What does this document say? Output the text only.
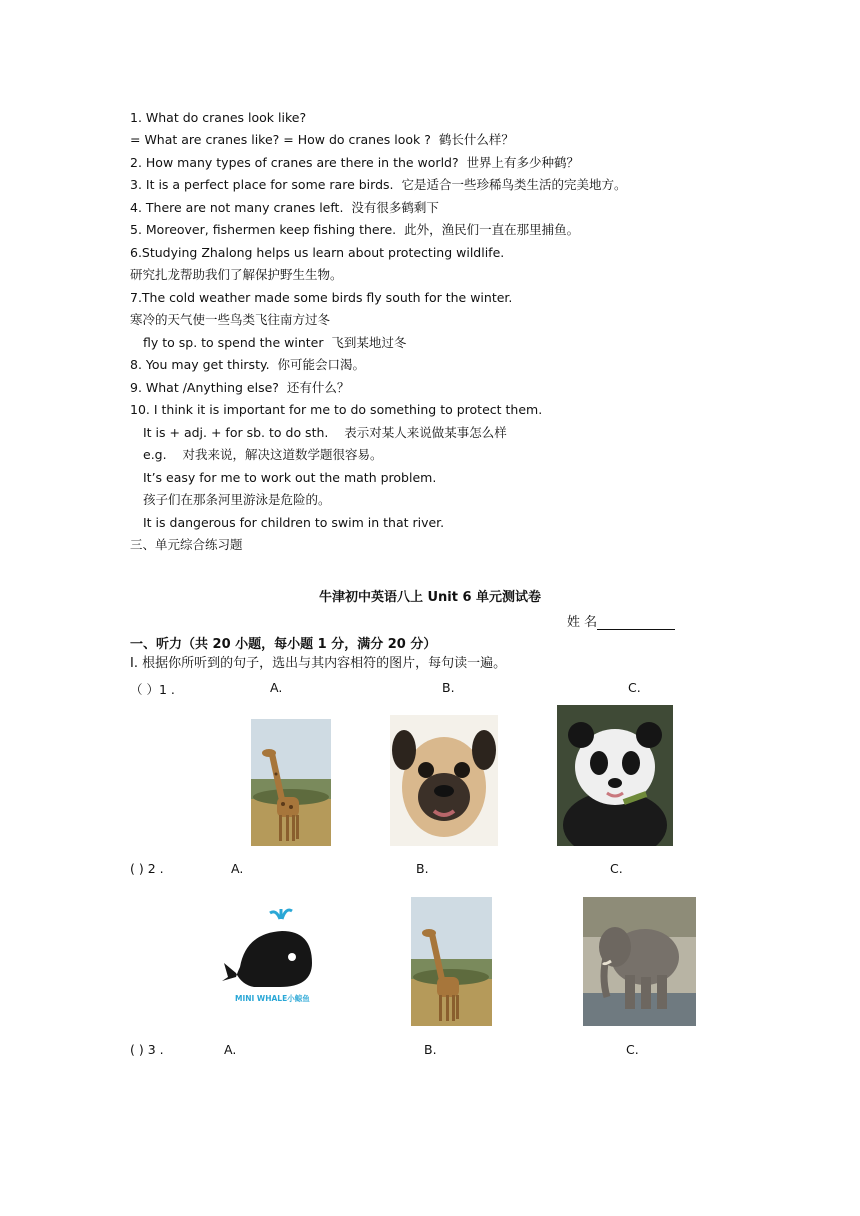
1. What do cranes look like?
= What are cranes like? = How do cranes look ?  鹤长什么样？
2. How many types of cranes are there in the world?  世界上有多少种鹤？
3. It is a perfect place for some rare birds.  它是适合一些珍稀鸟类生活的完美地方。
4. There are not many cranes left.  没有很多鹤剩下
5. Moreover, fishermen keep fishing there.  此外，渔民们一直在那里捕鱼。
6.Studying Zhalong helps us learn about protecting wildlife.
研究扎龙帮助我们了解保护野生生物。
7.The cold weather made some birds fly south for the winter.
寒冷的天气使一些鸟类飞往南方过冬
fly to sp. to spend the winter  飞到某地过冬
8. You may get thirsty.  你可能会口渴。
9. What /Anything else?  还有什么？
10. I think it is important for me to do something to protect them.
It is + adj. + for sb. to do sth.    表示对某人来说做某事怎么样
e.g.    对我来说，解决这道数学题很容易。
It’s easy for me to work out the math problem.
孩子们在那条河里游泳是危险的。
It is dangerous for children to swim in that river.
三、单元综合练习题
牛津初中英语八上 Unit 6 单元测试卷
姓 名
一、听力（共 20 小题，每小题 1 分，满分 20 分）
Ⅰ. 根据你所听到的句子，选出与其内容相符的图片，每句读一遍。
（ ）1 .	A.	B.	C.
( ) 2 .	A.	B.	C.
MINI WHALE小鲸鱼
( ) 3 .	A.	B.	C.
